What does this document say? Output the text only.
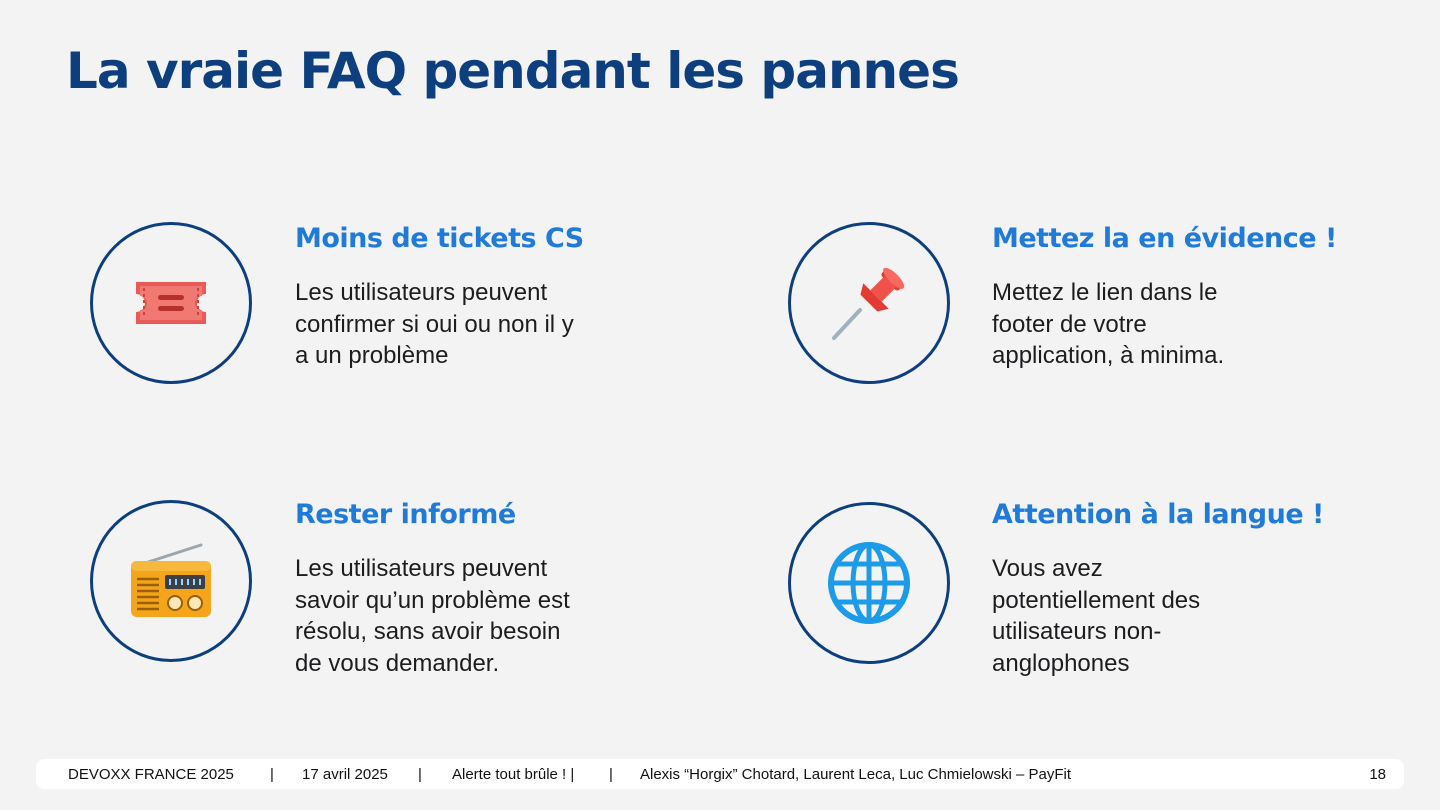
La vraie FAQ pendant les pannes
Moins de tickets CS

Les utilisateurs peuvent confirmer si oui ou non il y a un problème

Mettez la en évidence !

Mettez le lien dans le footer de votre application, à minima.

Rester informé

Les utilisateurs peuvent savoir qu’un problème est résolu, sans avoir besoin de vous demander.

Attention à la langue !

Vous avez potentiellement des utilisateurs non-anglophones

DEVOXX FRANCE 2025 | 17 avril 2025 | Alerte tout brûle ! | | Alexis “Horgix” Chotard, Laurent Leca, Luc Chmielowski – PayFit	18
